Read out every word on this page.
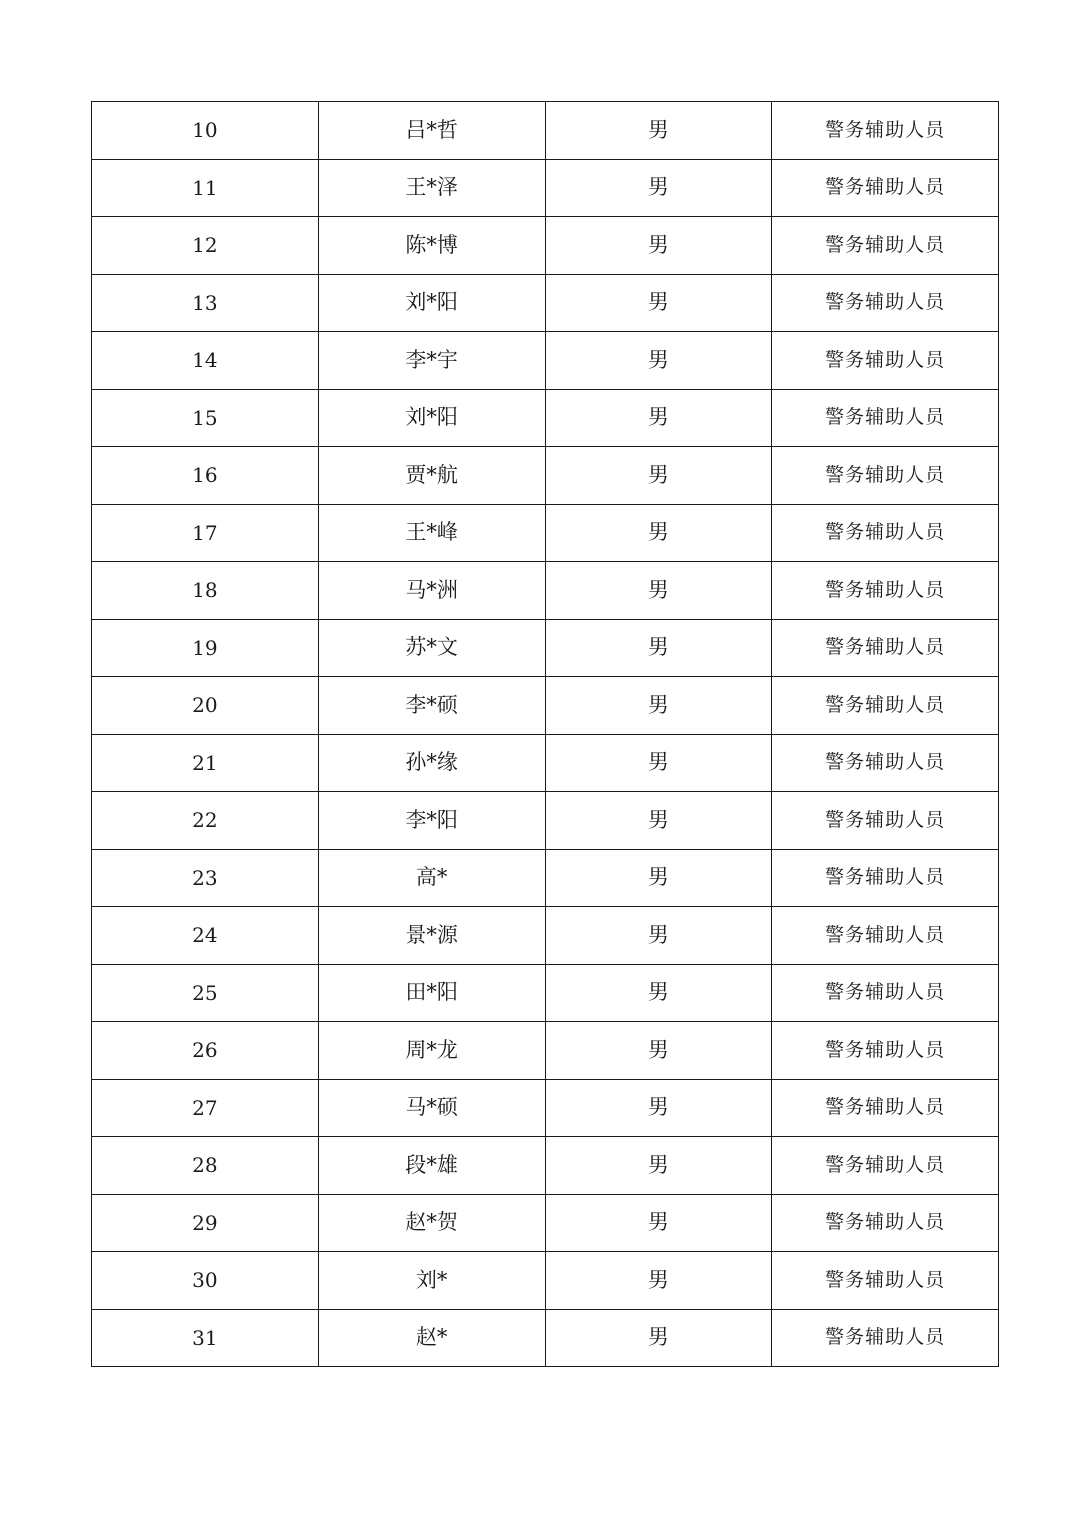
10	吕*哲	男	警务辅助人员
11	王*泽	男	警务辅助人员
12	陈*博	男	警务辅助人员
13	刘*阳	男	警务辅助人员
14	李*宇	男	警务辅助人员
15	刘*阳	男	警务辅助人员
16	贾*航	男	警务辅助人员
17	王*峰	男	警务辅助人员
18	马*洲	男	警务辅助人员
19	苏*文	男	警务辅助人员
20	李*硕	男	警务辅助人员
21	孙*缘	男	警务辅助人员
22	李*阳	男	警务辅助人员
23	高*	男	警务辅助人员
24	景*源	男	警务辅助人员
25	田*阳	男	警务辅助人员
26	周*龙	男	警务辅助人员
27	马*硕	男	警务辅助人员
28	段*雄	男	警务辅助人员
29	赵*贺	男	警务辅助人员
30	刘*	男	警务辅助人员
31	赵*	男	警务辅助人员
